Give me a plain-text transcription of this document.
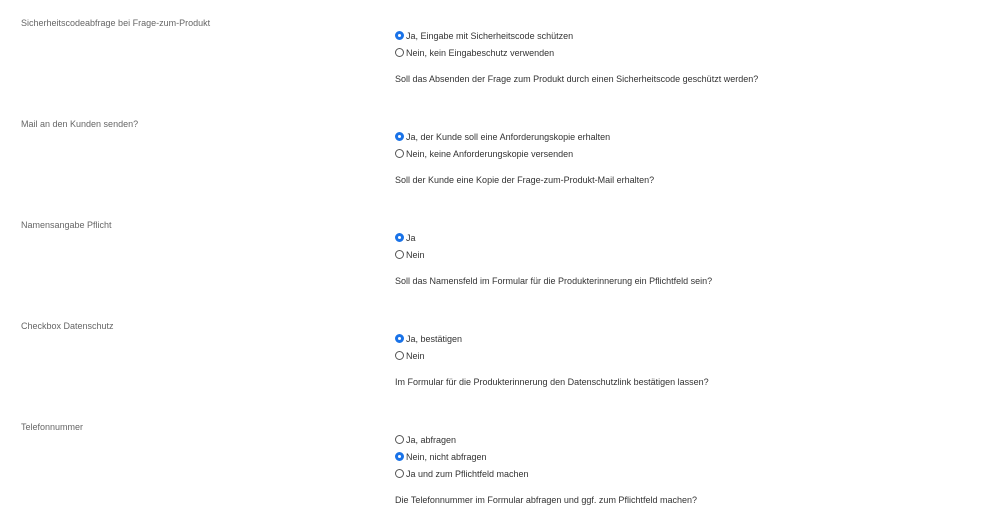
Sicherheitscodeabfrage bei Frage-zum-Produkt
Ja, Eingabe mit Sicherheitscode schützen
Nein, kein Eingabeschutz verwenden
Soll das Absenden der Frage zum Produkt durch einen Sicherheitscode geschützt werden?
Mail an den Kunden senden?
Ja, der Kunde soll eine Anforderungskopie erhalten
Nein, keine Anforderungskopie versenden
Soll der Kunde eine Kopie der Frage-zum-Produkt-Mail erhalten?
Namensangabe Pflicht
Ja
Nein
Soll das Namensfeld im Formular für die Produkterinnerung ein Pflichtfeld sein?
Checkbox Datenschutz
Ja, bestätigen
Nein
Im Formular für die Produkterinnerung den Datenschutzlink bestätigen lassen?
Telefonnummer
Ja, abfragen
Nein, nicht abfragen
Ja und zum Pflichtfeld machen
Die Telefonnummer im Formular abfragen und ggf. zum Pflichtfeld machen?
